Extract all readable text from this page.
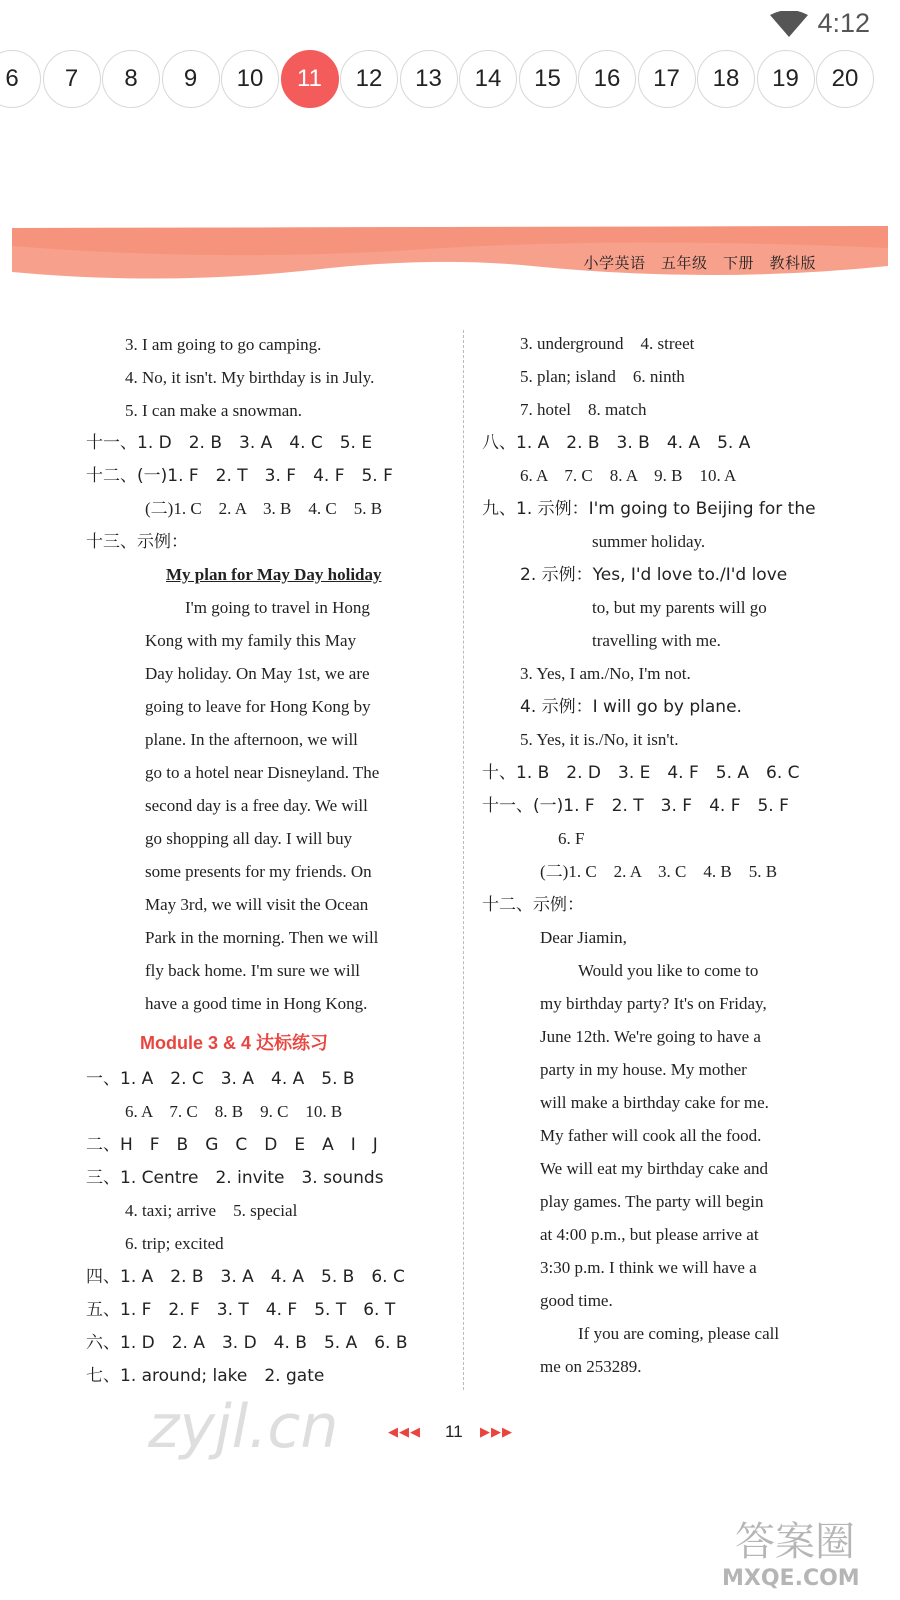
4:12
6	7	8	9	10	11	12	13	14	15	16	17	18	19	20
小学英语　五年级　下册　教科版
3. I am going to go camping.
4. No, it isn't. My birthday is in July.
5. I can make a snowman.
十一、1. D　2. B　3. A　4. C　5. E
十二、(一)1. F　2. T　3. F　4. F　5. F
(二)1. C　2. A　3. B　4. C　5. B
十三、示例：
My plan for May Day holiday
I'm going to travel in Hong
Kong with my family this May
Day holiday. On May 1st, we are
going to leave for Hong Kong by
plane. In the afternoon, we will
go to a hotel near Disneyland. The
second day is a free day. We will
go shopping all day. I will buy
some presents for my friends. On
May 3rd, we will visit the Ocean
Park in the morning. Then we will
fly back home. I'm sure we will
have a good time in Hong Kong.
Module 3 & 4 达标练习
一、1. A　2. C　3. A　4. A　5. B
6. A　7. C　8. B　9. C　10. B
二、H　F　B　G　C　D　E　A　I　J
三、1. Centre　2. invite　3. sounds
4. taxi; arrive　5. special
6. trip; excited
四、1. A　2. B　3. A　4. A　5. B　6. C
五、1. F　2. F　3. T　4. F　5. T　6. T
六、1. D　2. A　3. D　4. B　5. A　6. B
七、1. around; lake　2. gate
3. underground　4. street
5. plan; island　6. ninth
7. hotel　8. match
八、1. A　2. B　3. B　4. A　5. A
6. A　7. C　8. A　9. B　10. A
九、1. 示例：I'm going to Beijing for the
summer holiday.
2. 示例：Yes, I'd love to./I'd love
to, but my parents will go
travelling with me.
3. Yes, I am./No, I'm not.
4. 示例：I will go by plane.
5. Yes, it is./No, it isn't.
十、1. B　2. D　3. E　4. F　5. A　6. C
十一、(一)1. F　2. T　3. F　4. F　5. F
6. F
(二)1. C　2. A　3. C　4. B　5. B
十二、示例：
Dear Jiamin,
Would you like to come to
my birthday party? It's on Friday,
June 12th. We're going to have a
party in my house. My mother
will make a birthday cake for me.
My father will cook all the food.
We will eat my birthday cake and
play games. The party will begin
at 4:00 p.m., but please arrive at
3:30 p.m. I think we will have a
good time.
If you are coming, please call
me on 253289.
◀◀◀ 11 ▶▶▶
zyjl.cn
答案圈
MXQE.COM
